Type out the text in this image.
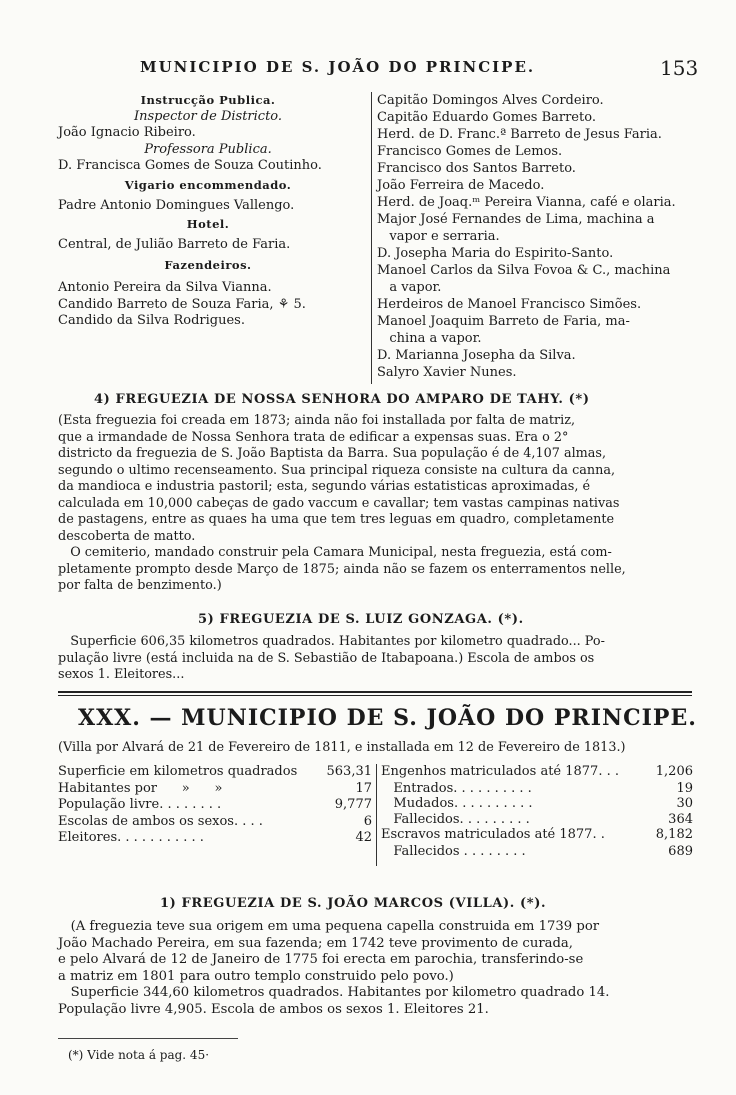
MUNICIPIO DE S. JOÃO DO PRINCIPE.	153
Instrucção Publica.
Inspector de Districto.
João Ignacio Ribeiro.
Professora Publica.
D. Francisca Gomes de Souza Coutinho.
Vigario encommendado.
Padre Antonio Domingues Vallengo.
Hotel.
Central, de Julião Barreto de Faria.
Fazendeiros.
Antonio Pereira da Silva Vianna.
Candido Barreto de Souza Faria, ⚘ 5.
Candido da Silva Rodrigues.
Capitão Domingos Alves Cordeiro.
Capitão Eduardo Gomes Barreto.
Herd. de D. Franc.ª Barreto de Jesus Faria.
Francisco Gomes de Lemos.
Francisco dos Santos Barreto.
João Ferreira de Macedo.
Herd. de Joaq.ᵐ Pereira Vianna, café e olaria.
Major José Fernandes de Lima, machina a
vapor e serraria.
D. Josepha Maria do Espirito-Santo.
Manoel Carlos da Silva Fovoa & C., machina
a vapor.
Herdeiros de Manoel Francisco Simões.
Manoel Joaquim Barreto de Faria, ma-
china a vapor.
D. Marianna Josepha da Silva.
Salyro Xavier Nunes.
4) FREGUEZIA DE NOSSA SENHORA DO AMPARO DE TAHY. (*)
(Esta freguezia foi creada em 1873; ainda não foi installada por falta de matriz,
que a irmandade de Nossa Senhora trata de edificar a expensas suas. Era o 2°
districto da freguezia de S. João Baptista da Barra. Sua população é de 4,107 almas,
segundo o ultimo recenseamento. Sua principal riqueza consiste na cultura da canna,
da mandioca e industria pastoril; esta, segundo várias estatisticas aproximadas, é
calculada em 10,000 cabeças de gado vaccum e cavallar; tem vastas campinas nativas
de pastagens, entre as quaes ha uma que tem tres leguas em quadro, completamente
descoberta de matto.
O cemiterio, mandado construir pela Camara Municipal, nesta freguezia, está com-
pletamente prompto desde Março de 1875; ainda não se fazem os enterramentos nelle,
por falta de benzimento.)
5) FREGUEZIA DE S. LUIZ GONZAGA. (*).
Superficie 606,35 kilometros quadrados. Habitantes por kilometro quadrado... Po-
pulação livre (está incluida na de S. Sebastião de Itabapoana.) Escola de ambos os
sexos 1. Eleitores...
XXX. — MUNICIPIO DE S. JOÃO DO PRINCIPE.
(Villa por Alvará de 21 de Fevereiro de 1811, e installada em 12 de Fevereiro de 1813.)
Superficie em kilometros quadrados 563,31
Habitantes por      »      »	17
População livre. . . . . . . .	9,777
Escolas de ambos os sexos. . . .	6
Eleitores. . . . . . . . . . .	42
Engenhos matriculados até 1877. . .	1,206
Entrados. . . . . . . . . .	19
Mudados. . . . . . . . . .	30
Fallecidos. . . . . . . . .	364
Escravos matriculados até 1877. .	8,182
Fallecidos . . . . . . . .	689
1) FREGUEZIA DE S. JOÃO MARCOS (VILLA). (*).
(A freguezia teve sua origem em uma pequena capella construida em 1739 por
João Machado Pereira, em sua fazenda; em 1742 teve provimento de curada,
e pelo Alvará de 12 de Janeiro de 1775 foi erecta em parochia, transferindo-se
a matriz em 1801 para outro templo construido pelo povo.)
Superficie 344,60 kilometros quadrados. Habitantes por kilometro quadrado 14.
População livre 4,905. Escola de ambos os sexos 1. Eleitores 21.
(*) Vide nota á pag. 45·
